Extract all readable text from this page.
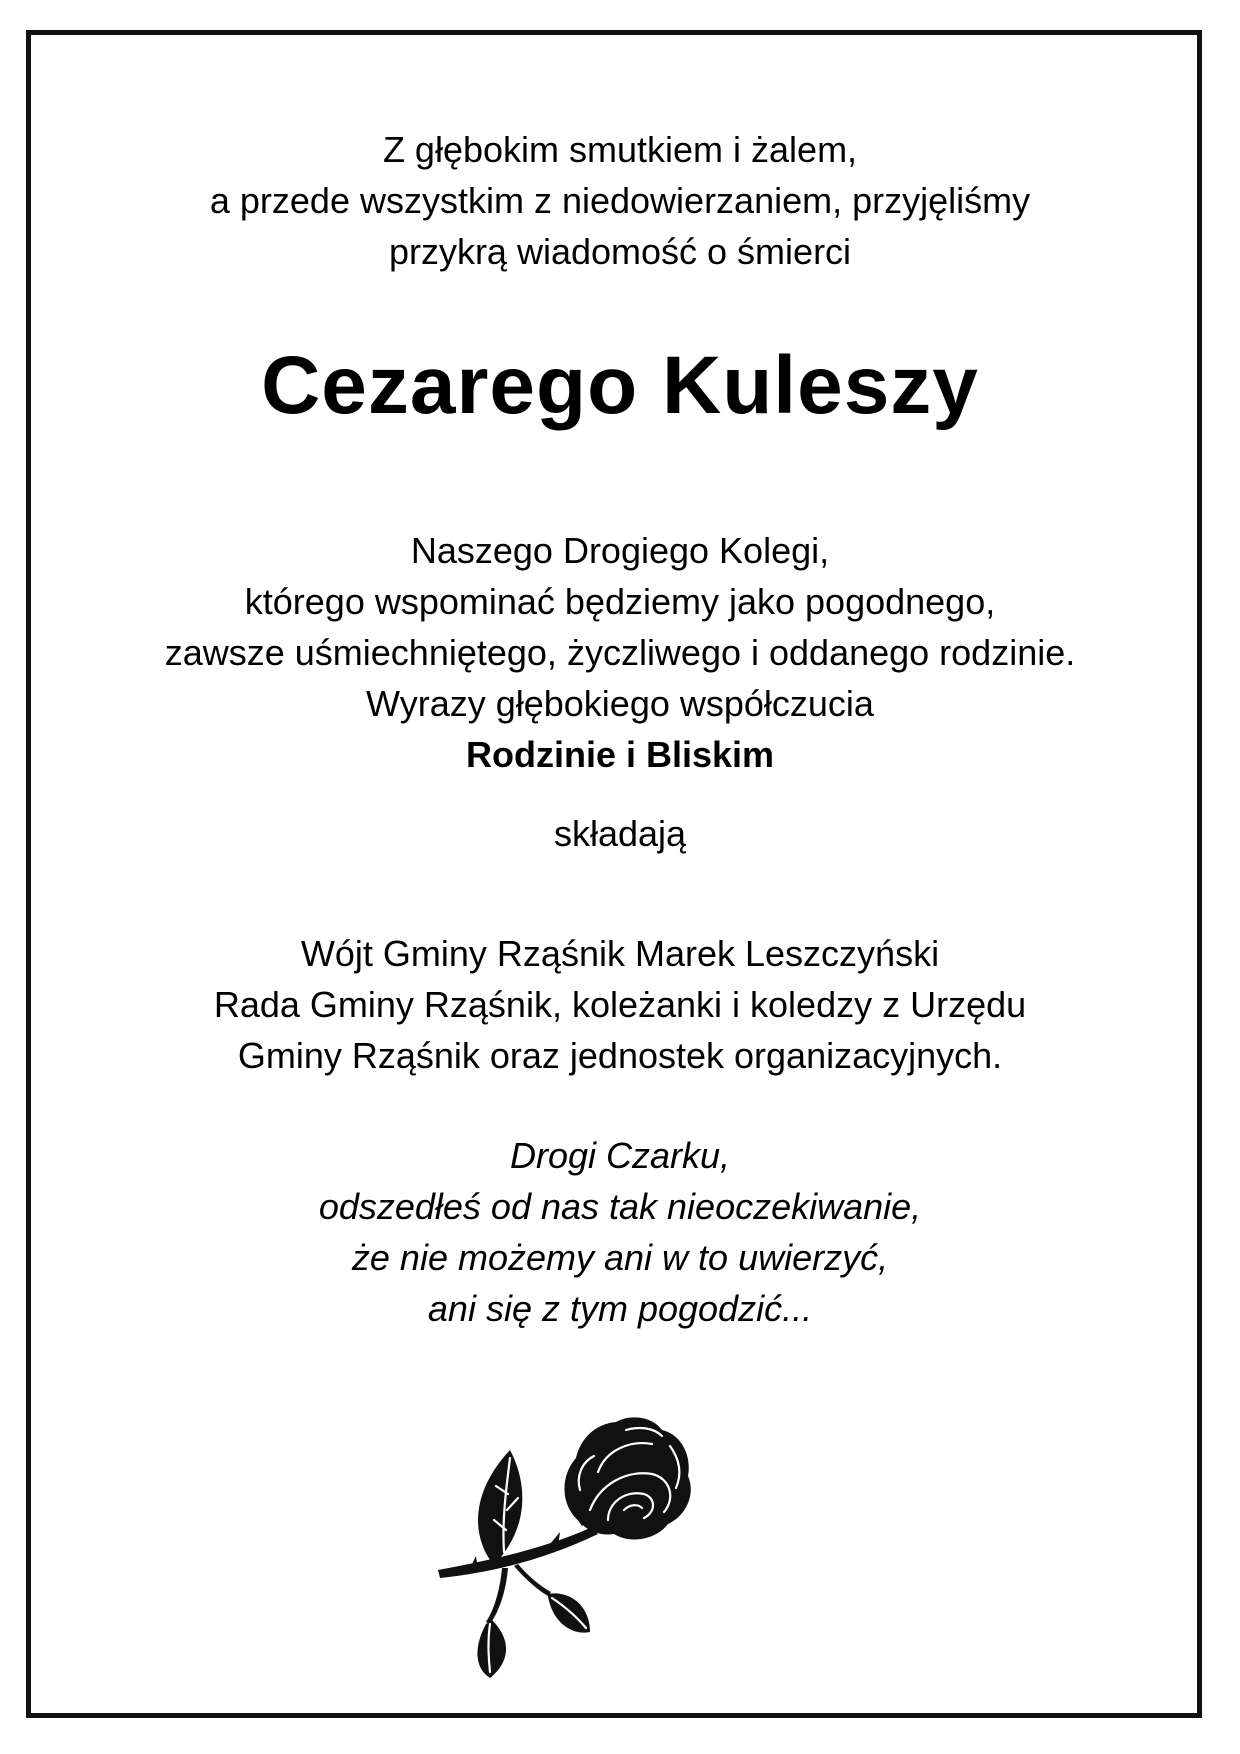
Z głębokim smutkiem i żalem,
a przede wszystkim z niedowierzaniem, przyjęliśmy
przykrą wiadomość o śmierci
Cezarego Kuleszy
Naszego Drogiego Kolegi,
którego wspominać będziemy jako pogodnego,
zawsze uśmiechniętego, życzliwego i oddanego rodzinie.
Wyrazy głębokiego współczucia
Rodzinie i Bliskim
składają
Wójt Gminy Rząśnik Marek Leszczyński
Rada Gminy Rząśnik, koleżanki i koledzy z Urzędu
Gminy Rząśnik oraz jednostek organizacyjnych.
Drogi Czarku,
odszedłeś od nas tak nieoczekiwanie,
że nie możemy ani w to uwierzyć,
ani się z tym pogodzić...
